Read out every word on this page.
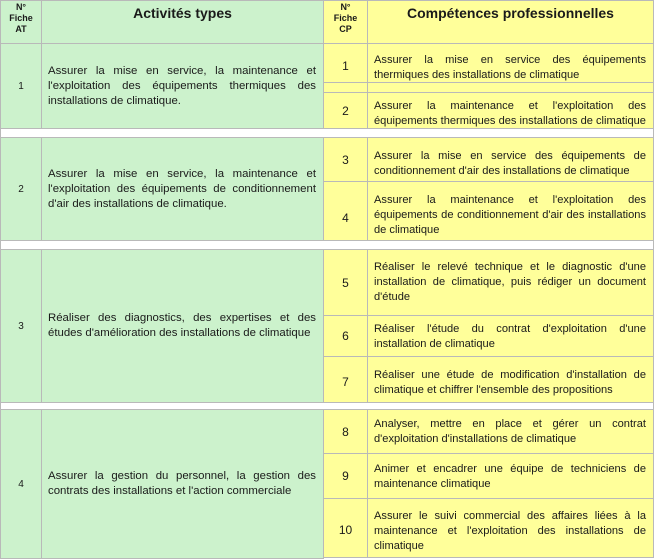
N°
Fiche
AT
Activités types	N°
Fiche
CP
Compétences professionnelles
1
Assurer la mise en service, la maintenance et l'exploitation des équipements thermiques des installations de climatique.
2
Assurer la mise en service, la maintenance et l'exploitation des équipements de conditionnement d'air des installations de climatique.
3
Réaliser des diagnostics, des expertises et des études d'amélioration des installations de climatique
4
Assurer la gestion du personnel, la gestion des contrats des installations et l'action commerciale
1 Assurer la mise en service des équipements thermiques des installations de climatique
2 Assurer la maintenance et l'exploitation des équipements thermiques des installations de climatique
3 Assurer la mise en service des équipements de conditionnement d'air des installations de climatique
4
Assurer la maintenance et l'exploitation des équipements de conditionnement d'air des installations de climatique
5
Réaliser le relevé technique et le diagnostic d'une installation de climatique, puis rédiger un document d'étude
6 Réaliser l'étude du contrat d'exploitation d'une installation de climatique
7 Réaliser une étude de modification d'installation de climatique et chiffrer l'ensemble des propositions
8
Analyser, mettre en place et gérer un contrat d'exploitation d'installations de climatique
9 Animer et encadrer une équipe de techniciens de maintenance climatique
10
Assurer le suivi commercial des affaires liées à la maintenance et l'exploitation des installations de climatique
